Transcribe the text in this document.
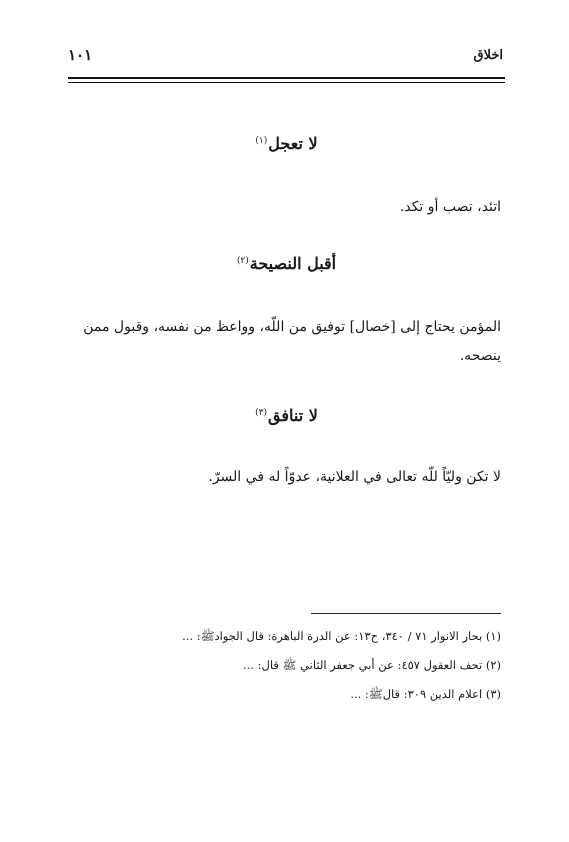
اخلاق
١٠١
لا تعجل$^{(١)}$
اتئد، تصب أو تكد.
أقبل النصيحة$^{(٢)}$
المؤمن يحتاج إلى [خصال] توفيق من اللّه، وواعظ من نفسه، وقبول ممن ينصحه.
لا تنافق$^{(٣)}$
لا تكن وليّاً للّه تعالى في العلانية، عدوّاً له في السرّ.
(١) بحار الانوار ٧١ / ٣٤٠، ح١٣: عن الدرة الباهرة: قال الجوادﷺ: ...
(٢) تحف العقول ٤٥٧: عن أبي جعفر الثاني ﷺ قال: ...
(٣) اعلام الدين ٣٠٩: قالﷺ: ...
